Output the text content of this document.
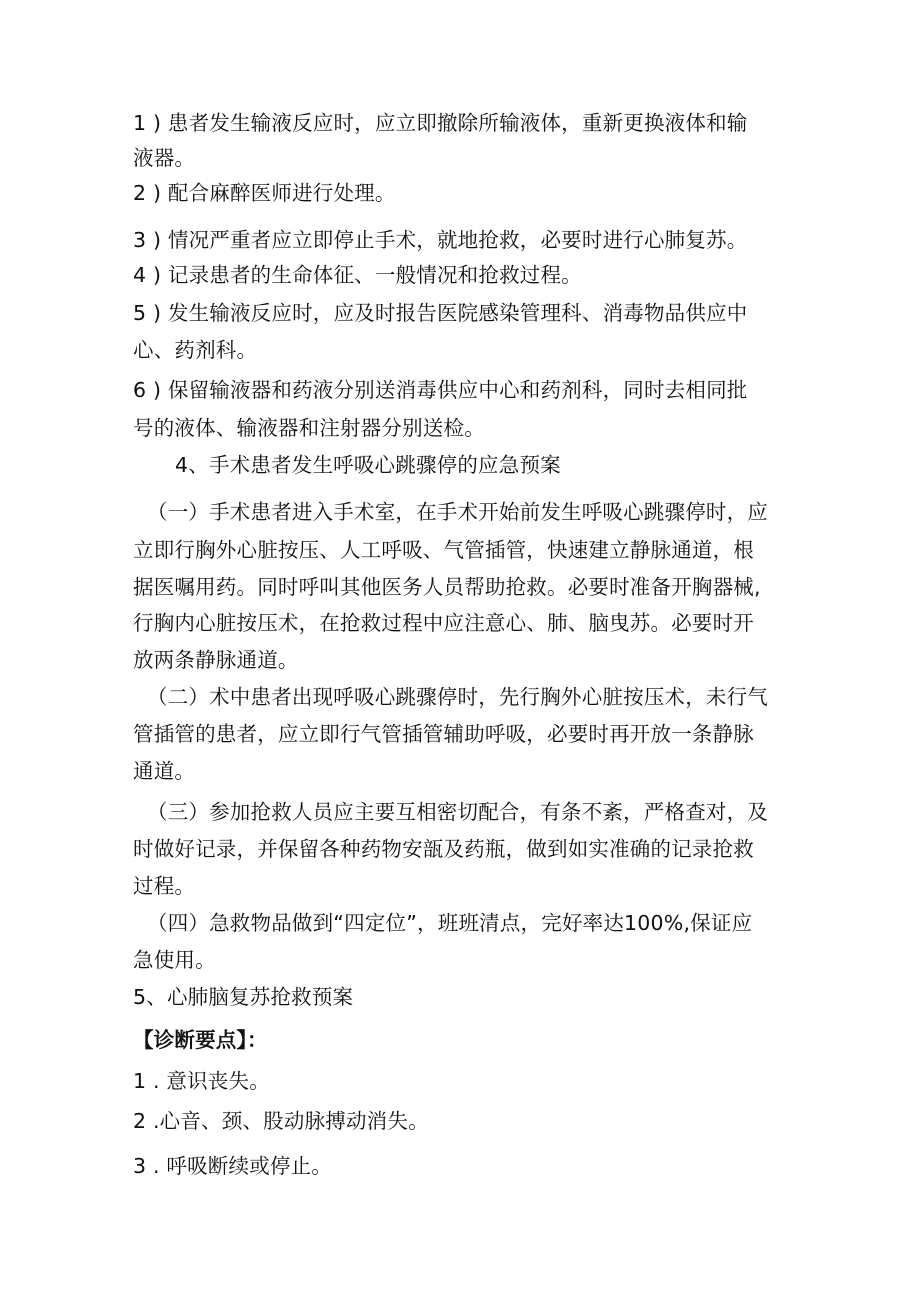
1 ) 患者发生输液反应时，应立即撤除所输液体，重新更换液体和输
液器。
2 ) 配合麻醉医师进行处理。
3 ) 情况严重者应立即停止手术，就地抢救，必要时进行心肺复苏。
4 ) 记录患者的生命体征、一般情况和抢救过程。
5 ) 发生输液反应时，应及时报告医院感染管理科、消毒物品供应中
心、药剂科。
6 ) 保留输液器和药液分别送消毒供应中心和药剂科，同时去相同批
号的液体、输液器和注射器分别送检。
4、手术患者发生呼吸心跳骤停的应急预案
（一）手术患者进入手术室，在手术开始前发生呼吸心跳骤停时，应
立即行胸外心脏按压、人工呼吸、气管插管，快速建立静脉通道，根
据医嘱用药。同时呼叫其他医务人员帮助抢救。必要时准备开胸器械,
行胸内心脏按压术，在抢救过程中应注意心、肺、脑曳苏。必要时开
放两条静脉通道。
（二）术中患者出现呼吸心跳骤停时，先行胸外心脏按压术，未行气
管插管的患者，应立即行气管插管辅助呼吸，必要时再开放一条静脉
通道。
（三）参加抢救人员应主要互相密切配合，有条不紊，严格查对，及
时做好记录，并保留各种药物安瓿及药瓶，做到如实准确的记录抢救
过程。
（四）急救物品做到“四定位”，班班清点，完好率达100%,保证应
急使用。
5、心肺脑复苏抢救预案
【诊断要点】：
1 . 意识丧失。
2 .心音、颈、股动脉搏动消失。
3 . 呼吸断续或停止。
